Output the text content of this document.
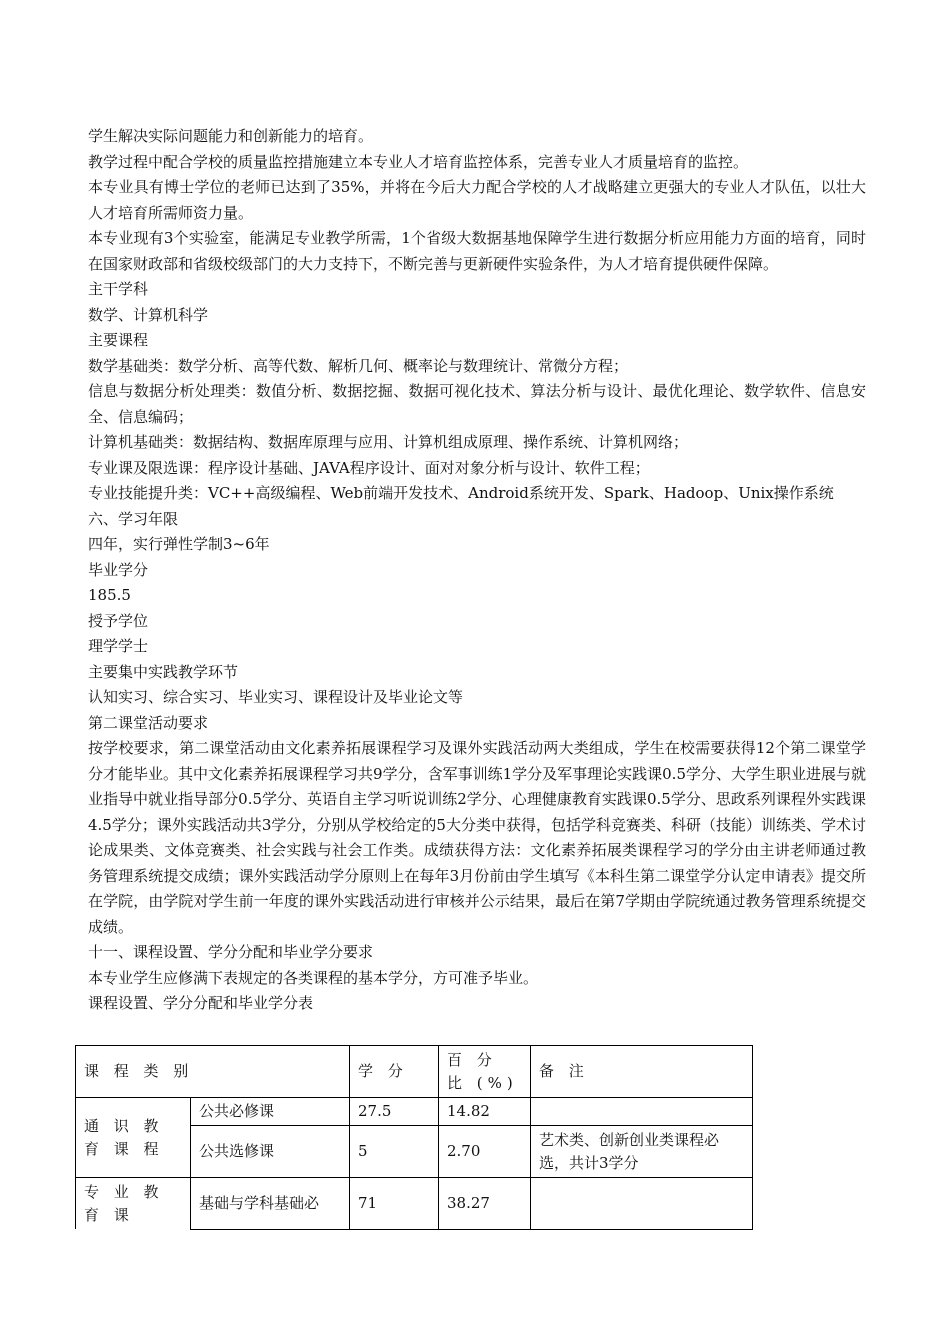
学生解决实际问题能力和创新能力的培育。

教学过程中配合学校的质量监控措施建立本专业人才培育监控体系，完善专业人才质量培育的监控。

本专业具有博士学位的老师已达到了35%，并将在今后大力配合学校的人才战略建立更强大的专业人才队伍，以壮大人才培育所需师资力量。

本专业现有3个实验室，能满足专业教学所需，1个省级大数据基地保障学生进行数据分析应用能力方面的培育，同时在国家财政部和省级校级部门的大力支持下，不断完善与更新硬件实验条件，为人才培育提供硬件保障。

主干学科

数学、计算机科学

主要课程

数学基础类：数学分析、高等代数、解析几何、概率论与数理统计、常微分方程；

信息与数据分析处理类：数值分析、数据挖掘、数据可视化技术、算法分析与设计、最优化理论、数学软件、信息安全、信息编码；

计算机基础类：数据结构、数据库原理与应用、计算机组成原理、操作系统、计算机网络；

专业课及限选课：程序设计基础、JAVA程序设计、面对对象分析与设计、软件工程；

专业技能提升类：VC++高级编程、Web前端开发技术、Android系统开发、Spark、Hadoop、Unix操作系统

六、学习年限

四年，实行弹性学制3~6年

毕业学分

185.5

授予学位

理学学士

主要集中实践教学环节

认知实习、综合实习、毕业实习、课程设计及毕业论文等

第二课堂活动要求

按学校要求，第二课堂活动由文化素养拓展课程学习及课外实践活动两大类组成，学生在校需要获得12个第二课堂学分才能毕业。其中文化素养拓展课程学习共9学分，含军事训练1学分及军事理论实践课0.5学分、大学生职业进展与就业指导中就业指导部分0.5学分、英语自主学习听说训练2学分、心理健康教育实践课0.5学分、思政系列课程外实践课4.5学分；课外实践活动共3学分，分别从学校给定的5大分类中获得，包括学科竞赛类、科研（技能）训练类、学术讨论成果类、文体竞赛类、社会实践与社会工作类。成绩获得方法：文化素养拓展类课程学习的学分由主讲老师通过教务管理系统提交成绩；课外实践活动学分原则上在每年3月份前由学生填写《本科生第二课堂学分认定申请表》提交所在学院，由学院对学生前一年度的课外实践活动进行审核并公示结果，最后在第7学期由学院统通过教务管理系统提交成绩。

十一、课程设置、学分分配和毕业学分要求

本专业学生应修满下表规定的各类课程的基本学分，方可准予毕业。

课程设置、学分分配和毕业学分表

课 程 类 别		学 分	百 分 比 (%)	备 注
通 识 教 育 课 程	公共必修课	27.5	14.82	
	公共选修课	5	2.70	艺术类、创新创业类课程必选，共计3学分
专 业 教 育 课	基础与学科基础必	71	38.27	
